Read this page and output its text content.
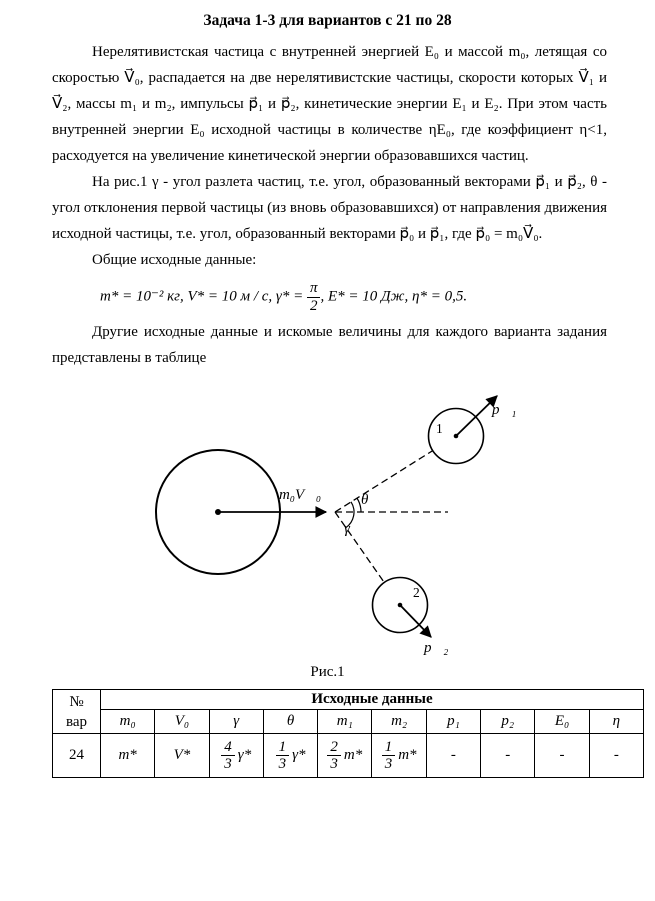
Задача 1-3 для вариантов с 21 по 28

Нерелятивистская частица с внутренней энергией E₀ и массой m₀, летящая со скоростью V⃗₀, распадается на две нерелятивистские частицы, скорости которых V⃗₁ и V⃗₂, массы m₁ и m₂, импульсы p⃗₁ и p⃗₂, кинетические энергии E₁ и E₂. При этом часть внутренней энергии E₀ исходной частицы в количестве ηE₀, где коэффициент η<1, расходуется на увеличение кинетической энергии образовавшихся частиц.

На рис.1 γ - угол разлета частиц, т.е. угол, образованный векторами p⃗₁ и p⃗₂, θ - угол отклонения первой частицы (из вновь образовавшихся) от направления движения исходной частицы, т.е. угол, образованный векторами p⃗₀ и p⃗₁, где p⃗₀ = m₀V⃗₀.

Общие исходные данные:

m* = 10⁻² кг, V* = 10 м / с, $\gamma* = \frac{\pi}{2}$ , E* = 10 Дж, η* = 0,5.

Другие исходные данные и искомые величины для каждого варианта задания представлены в таблице

m₀V⃗₀
1
2
p⃗₁
p⃗₂
θ
γ
Рис.1
№
вар	Исходные данные									
	m₀	V₀	γ	θ	m₁	m₂	p₁	p₂	E₀	η
24	m*	V*	$\frac{4}{3} \gamma*$	$\frac{1}{3} \gamma*$	$\frac{2}{3} m*$	$\frac{1}{3} m*$	-	-	-	-
